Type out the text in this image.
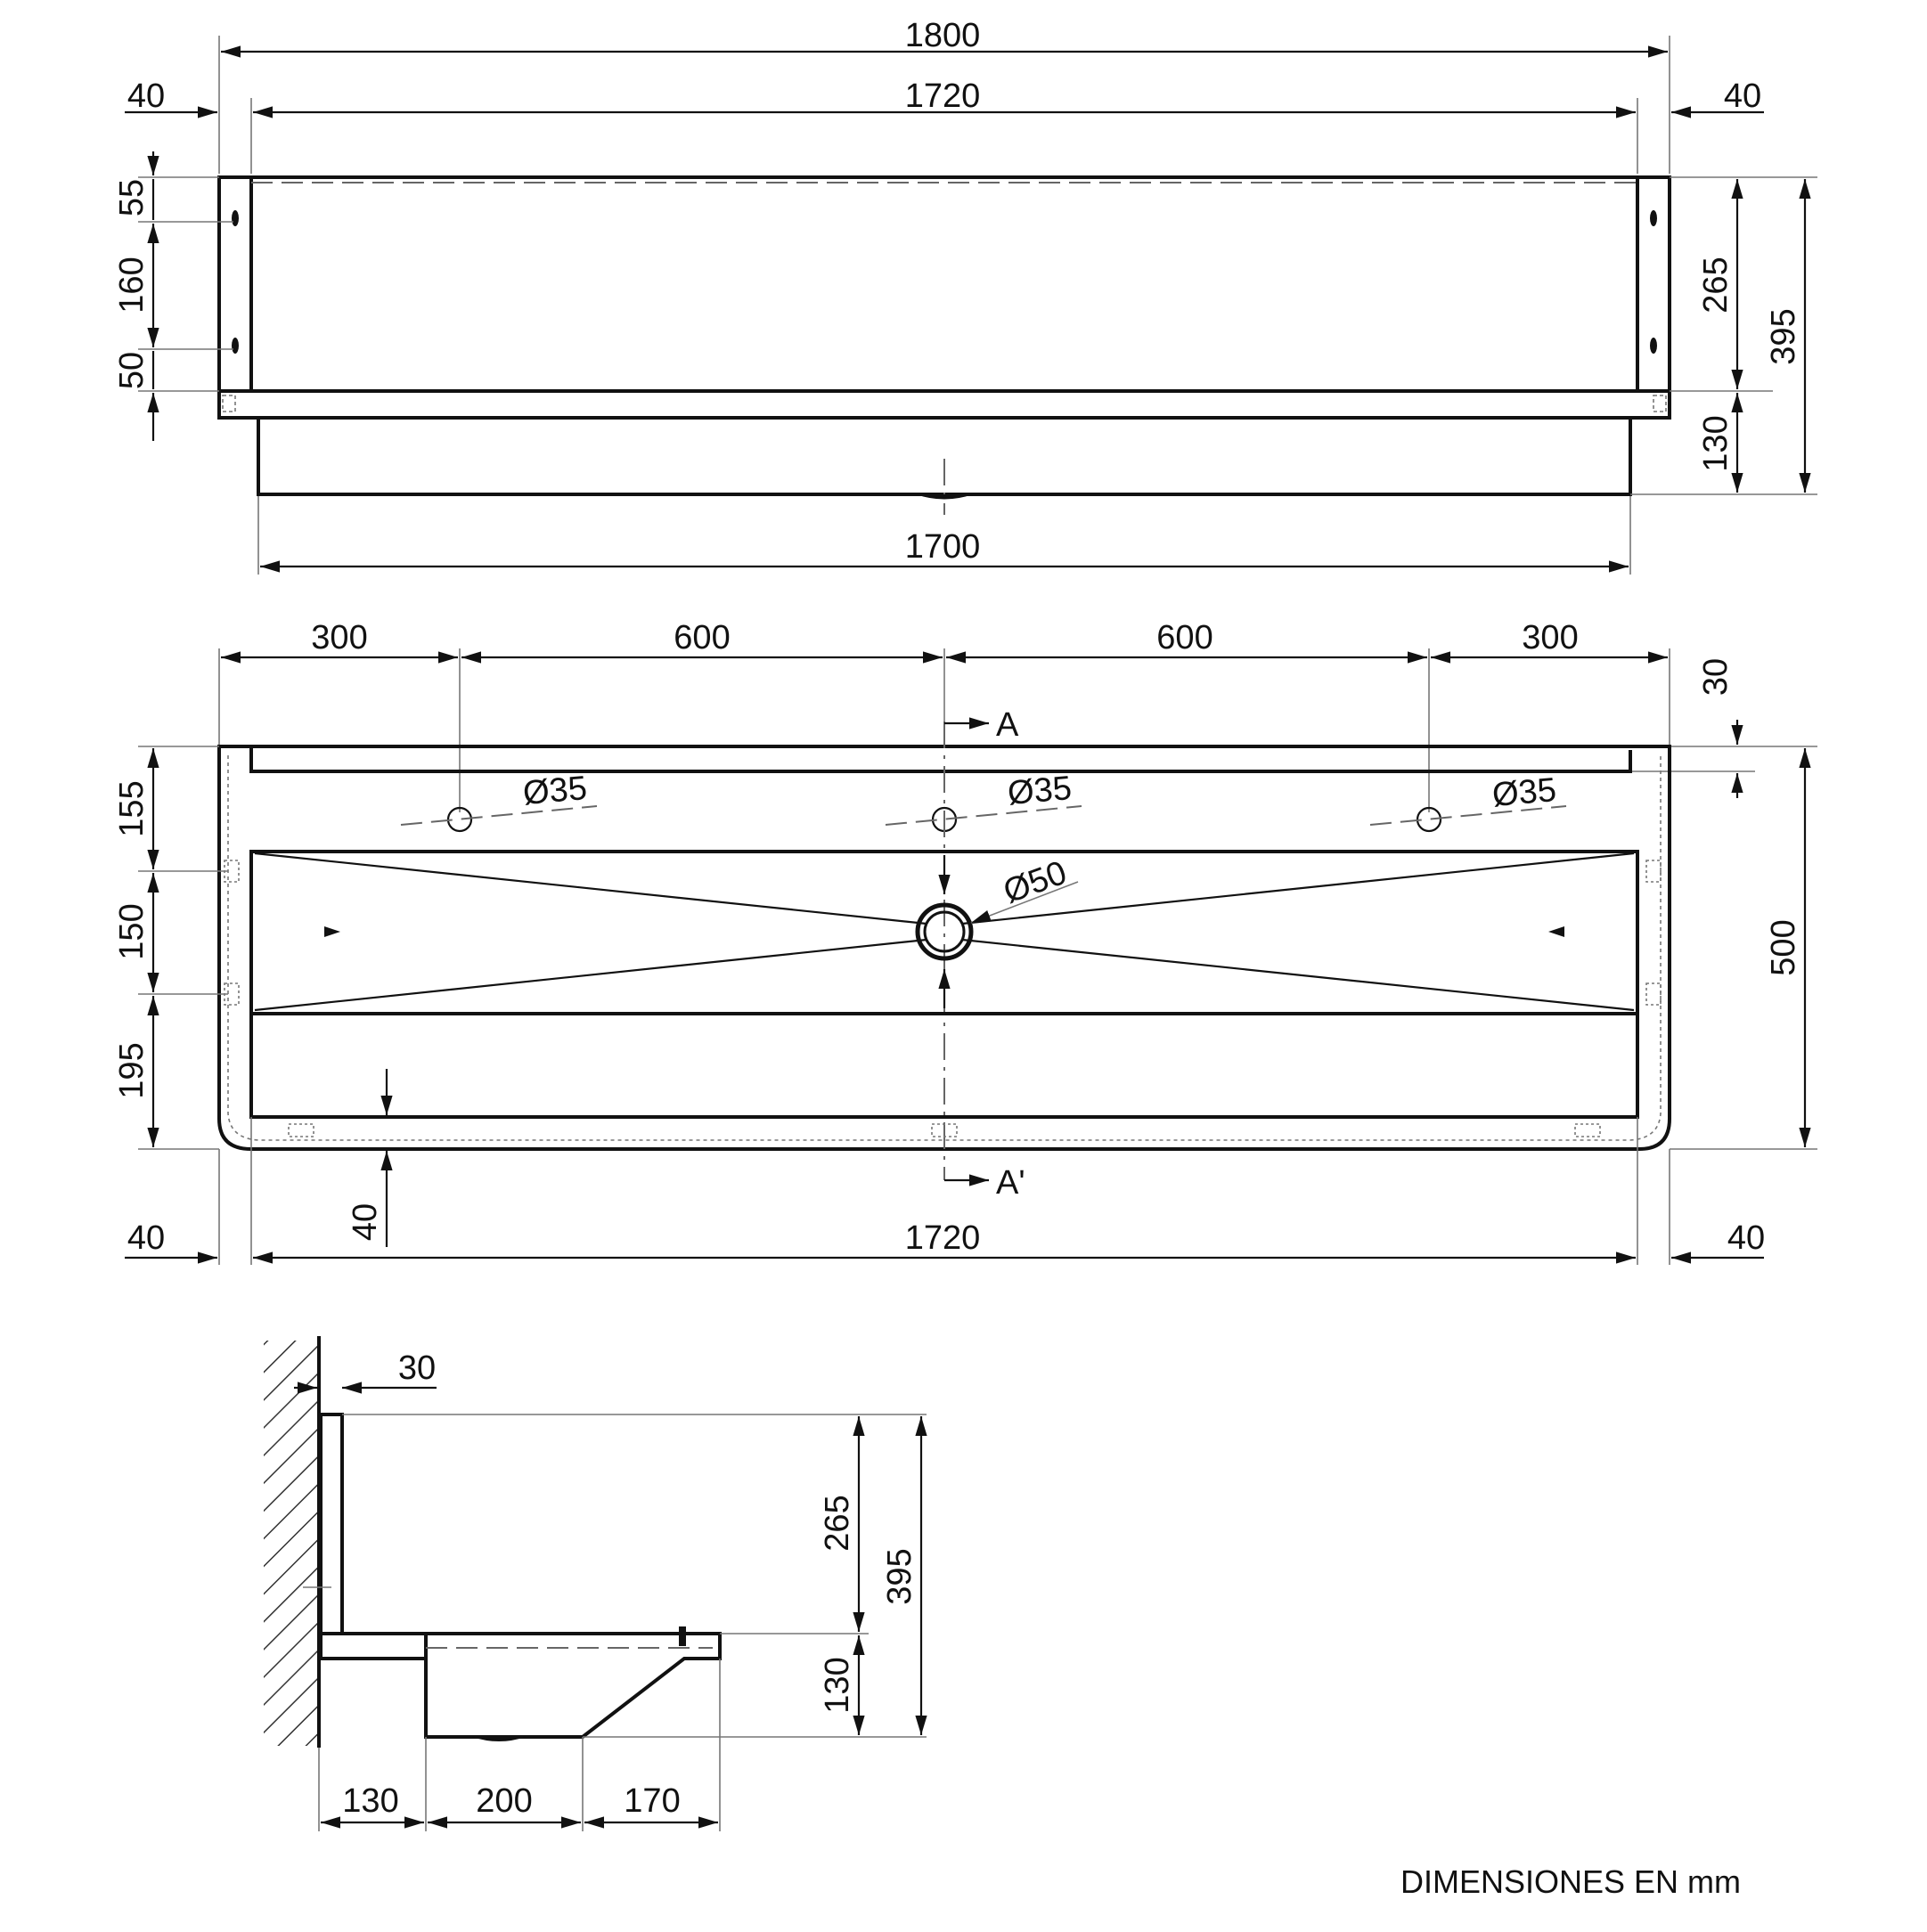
1800
1720
40	40
1700
55
160
50
265
130
395
300	600	600	300
30
Ø35	Ø35	Ø35
A
A'
Ø50
155
150
195
40
500
40	1720	40
30
265
130
395
130 200	170
DIMENSIONES EN mm
